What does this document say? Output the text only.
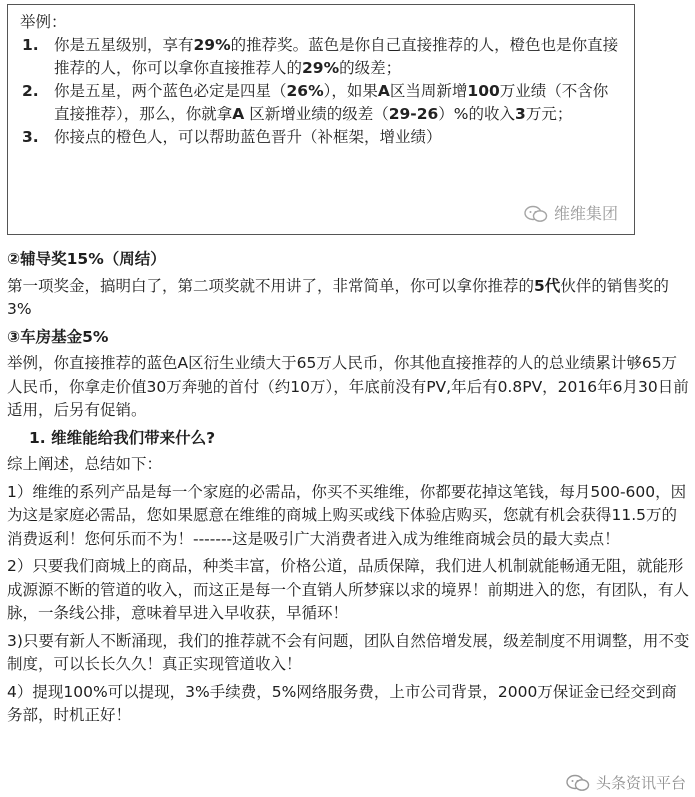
举例：
1. 你是五星级别，享有29%的推荐奖。蓝色是你自己直接推荐的人，橙色也是你直接推荐的人，你可以拿你直接推荐人的29%的级差；
2. 你是五星，两个蓝色必定是四星（26%），如果A区当周新增100万业绩（不含你直接推荐），那么，你就拿A 区新增业绩的级差（29-26）%的收入3万元；
3. 你接点的橙色人，可以帮助蓝色晋升（补框架，增业绩）
维维集团

②辅导奖15%（周结）

第一项奖金，搞明白了，第二项奖就不用讲了，非常简单，你可以拿你推荐的5代伙伴的销售奖的3%

③车房基金5%

举例，你直接推荐的蓝色A区衍生业绩大于65万人民币，你其他直接推荐的人的总业绩累计够65万人民币，你拿走价值30万奔驰的首付（约10万），年底前没有PV,年后有0.8PV，2016年6月30日前适用，后另有促销。

1. 维维能给我们带来什么?

综上阐述，总结如下：

1）维维的系列产品是每一个家庭的必需品，你买不买维维，你都要花掉这笔钱，每月500-600，因为这是家庭必需品，您如果愿意在维维的商城上购买或线下体验店购买，您就有机会获得11.5万的消费返利！您何乐而不为！-------这是吸引广大消费者进入成为维维商城会员的最大卖点！

2）只要我们商城上的商品，种类丰富，价格公道，品质保障，我们进人机制就能畅通无阻，就能形成源源不断的管道的收入，而这正是每一个直销人所梦寐以求的境界！前期进入的您，有团队，有人脉，一条线公排，意味着早进入早收获，早循环！

3)只要有新人不断涌现，我们的推荐就不会有问题，团队自然倍增发展，级差制度不用调整，用不变制度，可以长长久久！真正实现管道收入！

4）提现100%可以提现，3%手续费，5%网络服务费，上市公司背景，2000万保证金已经交到商务部，时机正好！

头条资讯平台
